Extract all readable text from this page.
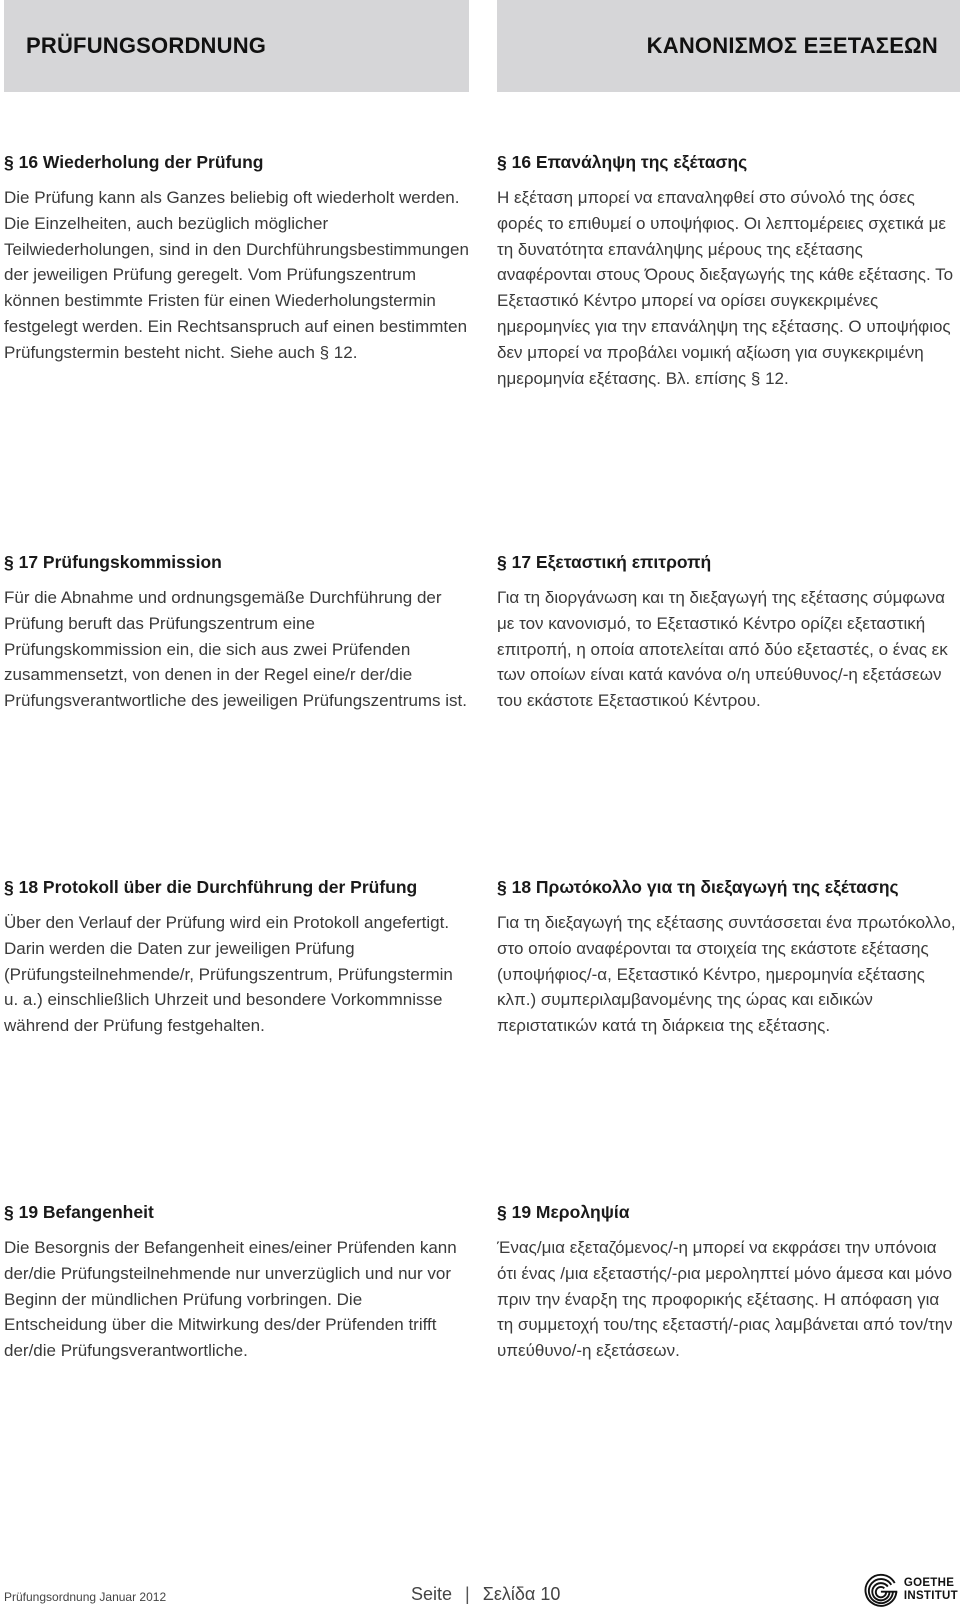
PRÜFUNGSORDNUNG	ΚΑΝΟΝΙΣΜΟΣ ΕΞΕΤΑΣΕΩΝ
§ 16 Wiederholung der Prüfung

Die Prüfung kann als Ganzes beliebig oft wiederholt werden. Die Einzelheiten, auch bezüglich möglicher Teilwiederholungen, sind in den Durchführungsbestimmungen der jeweiligen Prüfung geregelt. Vom Prüfungszentrum können bestimmte Fristen für einen Wiederholungstermin festgelegt werden. Ein Rechtsanspruch auf einen bestimmten Prüfungstermin besteht nicht. Siehe auch § 12.

§ 16 Επανάληψη της εξέτασης

Η εξέταση μπορεί να επαναληφθεί στο σύνολό της όσες φορές το επιθυμεί ο υποψήφιος. Οι λεπτομέρειες σχετικά με τη δυνατότητα επανάληψης μέρους της εξέτασης αναφέρονται στους Όρους διεξαγωγής της κάθε εξέτασης. Το Εξεταστικό Κέντρο μπορεί να ορίσει συγκεκριμένες ημερομηνίες για την επανάληψη της εξέτασης. Ο υποψήφιος δεν μπορεί να προβάλει νομική αξίωση για συγκεκριμένη ημερομηνία εξέτασης. Βλ. επίσης § 12.

§ 17 Prüfungskommission

Für die Abnahme und ordnungsgemäße Durchführung der Prüfung beruft das Prüfungszentrum eine Prüfungskommission ein, die sich aus zwei Prüfenden zusammensetzt, von denen in der Regel eine/r der/die Prüfungsverantwortliche des jeweiligen Prüfungszentrums ist.

§ 17 Εξεταστική επιτροπή

Για τη διοργάνωση και τη διεξαγωγή της εξέτασης σύμφωνα με τον κανονισμό, το Εξεταστικό Κέντρο ορίζει εξεταστική επιτροπή, η οποία αποτελείται από δύο εξεταστές, ο ένας εκ των οποίων είναι κατά κανόνα ο/η υπεύθυνος/-η εξετάσεων του εκάστοτε Εξεταστικού Κέντρου.

§ 18 Protokoll über die Durchführung der Prüfung

Über den Verlauf der Prüfung wird ein Protokoll angefertigt. Darin werden die Daten zur jeweiligen Prüfung (Prüfungsteilnehmende/r, Prüfungszentrum, Prüfungstermin u. a.) einschließlich Uhrzeit und besondere Vorkommnisse während der Prüfung festgehalten.

§ 18 Πρωτόκολλο για τη διεξαγωγή της εξέτασης

Για τη διεξαγωγή της εξέτασης συντάσσεται ένα πρωτόκολλο, στο οποίο αναφέρονται τα στοιχεία της εκάστοτε εξέτασης (υποψήφιος/-α, Εξεταστικό Κέντρο, ημερομηνία εξέτασης κλπ.) συμπεριλαμβανομένης της ώρας και ειδικών περιστατικών κατά τη διάρκεια της εξέτασης.

§ 19 Befangenheit

Die Besorgnis der Befangenheit eines/einer Prüfenden kann der/die Prüfungsteilnehmende nur unverzüglich und nur vor Beginn der mündlichen Prüfung vorbringen. Die Entscheidung über die Mitwirkung des/der Prüfenden trifft der/die Prüfungsverantwortliche.

§ 19 Μεροληψία

Ένας/μια εξεταζόμενος/-η μπορεί να εκφράσει την υπόνοια ότι ένας /μια εξεταστής/-ρια μεροληπτεί μόνο άμεσα και μόνο πριν την έναρξη της προφορικής εξέτασης. Η απόφαση για τη συμμετοχή του/της εξεταστή/-ριας λαμβάνεται από τον/την υπεύθυνο/-η εξετάσεων.

Prüfungsordnung Januar 2012	Seite | Σελίδα 10
GOETHE
INSTITUT
